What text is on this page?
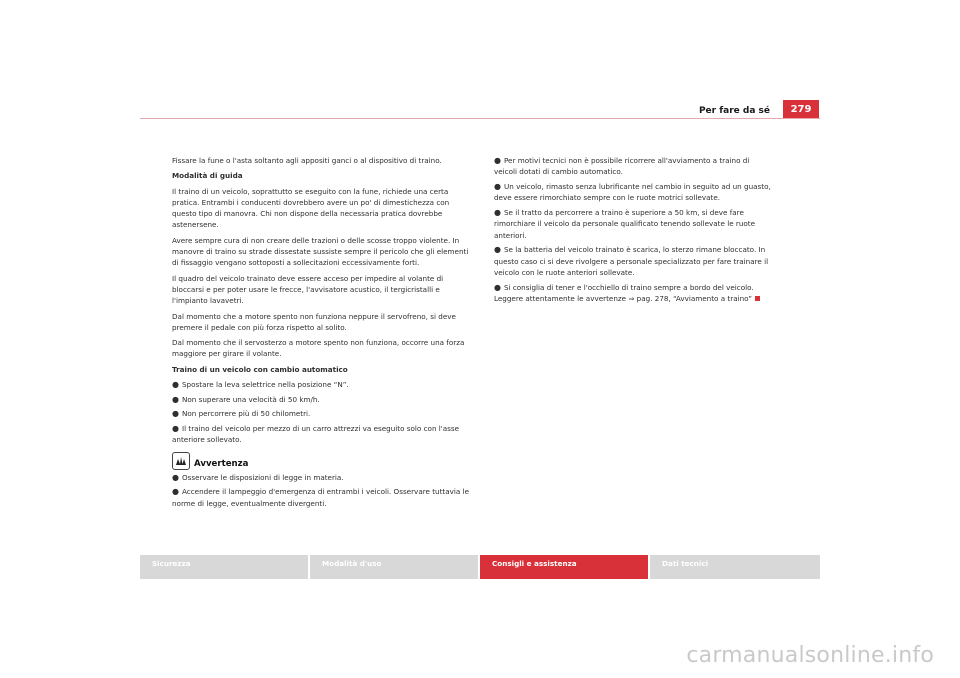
Per fare da sé	279

Fissare la fune o l'asta soltanto agli appositi ganci o al dispositivo di traino.

Modalità di guida

Il traino di un veicolo, soprattutto se eseguito con la fune, richiede una certa pratica. Entrambi i conducenti dovrebbero avere un po' di dimestichezza con questo tipo di manovra. Chi non dispone della necessaria pratica dovrebbe astenersene.

Avere sempre cura di non creare delle trazioni o delle scosse troppo violente. In manovre di traino su strade dissestate sussiste sempre il pericolo che gli elementi di fissaggio vengano sottoposti a sollecitazioni eccessivamente forti.

Il quadro del veicolo trainato deve essere acceso per impedire al volante di bloccarsi e per poter usare le frecce, l'avvisatore acustico, il tergicristalli e l'impianto lavavetri.

Dal momento che a motore spento non funziona neppure il servofreno, si deve premere il pedale con più forza rispetto al solito.

Dal momento che il servosterzo a motore spento non funziona, occorre una forza maggiore per girare il volante.

Traino di un veicolo con cambio automatico

● Spostare la leva selettrice nella posizione “N”.
● Non superare una velocità di 50 km/h.
● Non percorrere più di 50 chilometri.
● Il traino del veicolo per mezzo di un carro attrezzi va eseguito solo con l'asse anteriore sollevato.
Avvertenza
● Osservare le disposizioni di legge in materia.
● Accendere il lampeggio d'emergenza di entrambi i veicoli. Osservare tuttavia le norme di legge, eventualmente divergenti.
● Per motivi tecnici non è possibile ricorrere all'avviamento a traino di veicoli dotati di cambio automatico.
● Un veicolo, rimasto senza lubrificante nel cambio in seguito ad un guasto, deve essere rimorchiato sempre con le ruote motrici sollevate.
● Se il tratto da percorrere a traino è superiore a 50 km, si deve fare rimorchiare il veicolo da personale qualificato tenendo sollevate le ruote anteriori.
● Se la batteria del veicolo trainato è scarica, lo sterzo rimane bloccato. In questo caso ci si deve rivolgere a personale specializzato per fare trainare il veicolo con le ruote anteriori sollevate.
● Si consiglia di tener e l'occhiello di traino sempre a bordo del veicolo. Leggere attentamente le avvertenze ⇒ pag. 278, “Avviamento a traino”
Sicurezza	Modalità d'uso	Consigli e assistenza	Dati tecnici
carmanualsonline.info
